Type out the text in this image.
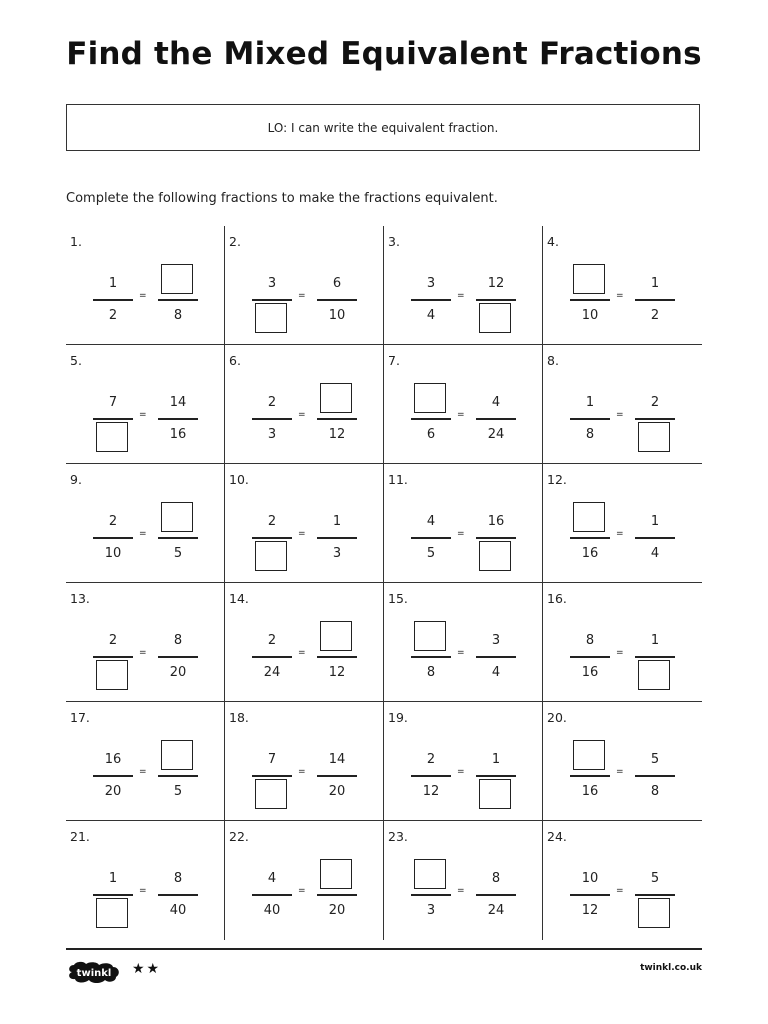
Find the Mixed Equivalent Fractions
LO: I can write the equivalent fraction.
Complete the following fractions to make the fractions equivalent.
1.
1
2
=
8
2.
3
=
6
10
3.
3
4
=
12
4.
10
=
1
2
5.
7
=
14
16
6.
2
3
=
12
7.
6
=
4
24
8.
1
8
=
2
9.
2
10
=
5
10.
2
=
1
3
11.
4
5
=
16
12.
16
=
1
4
13.
2
=
8
20
14.
2
24
=
12
15.
8
=
3
4
16.
8
16
=
1
17.
16
20
=
5
18.
7
=
14
20
19.
2
12
=
1
20.
16
=
5
8
21.
1
=
8
40
22.
4
40
=
20
23.
3
=
8
24
24.
10
12
=
5
twinkl ★★	twinkl.co.uk
